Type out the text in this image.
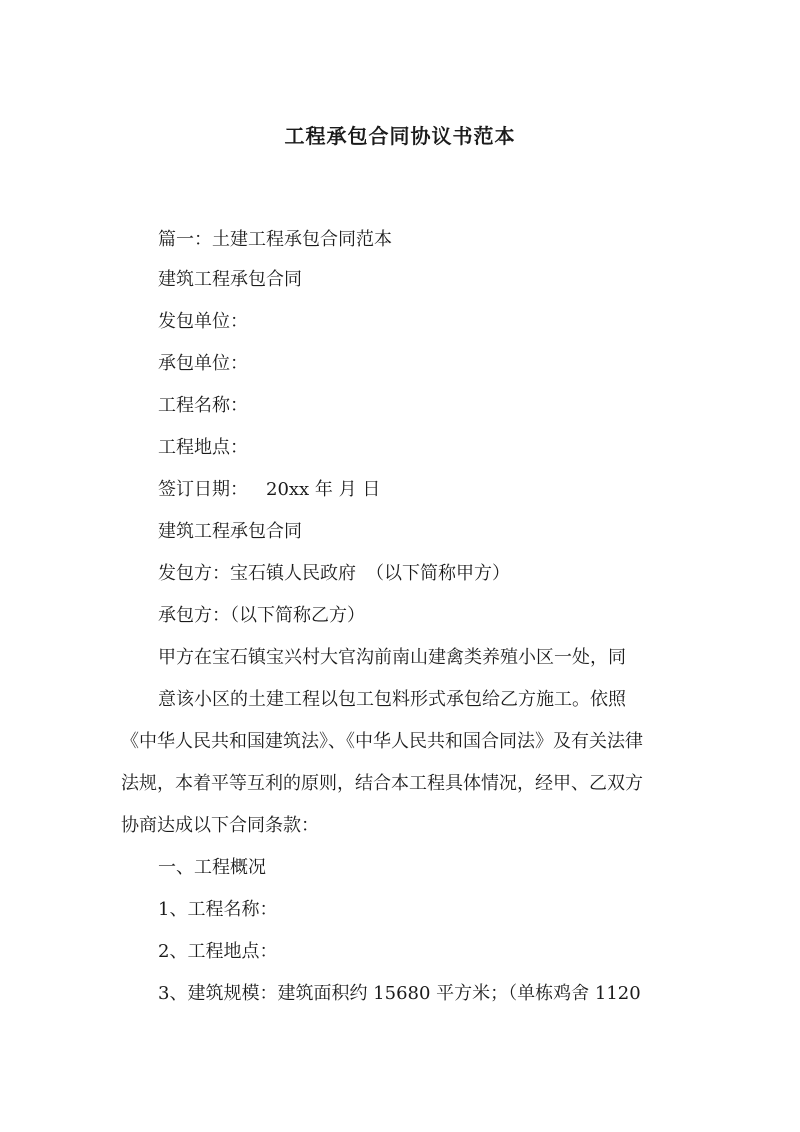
工程承包合同协议书范本
篇一：土建工程承包合同范本
建筑工程承包合同
发包单位：
承包单位：
工程名称：
工程地点：
签订日期： 20xx 年 月 日
建筑工程承包合同
发包方：宝石镇人民政府 （以下简称甲方）
承包方：（以下简称乙方）
甲方在宝石镇宝兴村大官沟前南山建禽类养殖小区一处，同
意该小区的土建工程以包工包料形式承包给乙方施工。依照
《中华人民共和国建筑法》、《中华人民共和国合同法》及有关法律
法规，本着平等互利的原则，结合本工程具体情况，经甲、乙双方
协商达成以下合同条款：
一、工程概况
1、工程名称：
2、工程地点：
3、建筑规模：建筑面积约 15680 平方米；（单栋鸡舍 1120
